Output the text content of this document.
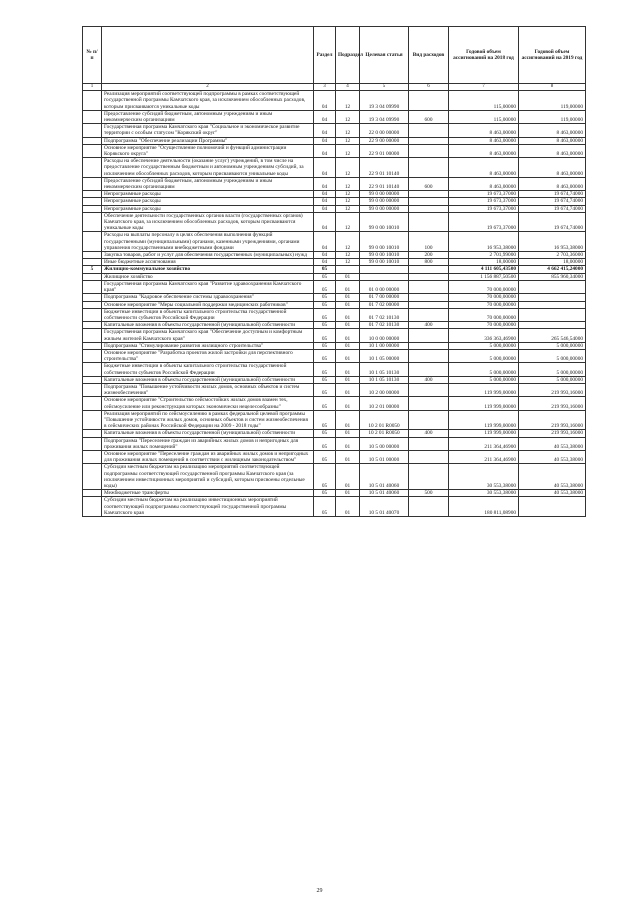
№ п/п		Раздел	Подраздел	Целевая статья	Вид расходов	Годовой объем ассигнований на 2018 год	Годовой объем ассигнований на 2019 год
1	2	3	4	5	6	7	8
	Реализация мероприятий соответствующей подпрограммы в рамках соответствующей государственной программы Камчатского края, за исключением обособленных расходов, которым присваиваются уникальные коды	04	12	19 3 04 09990		115,00000	119,00000
	Предоставление субсидий бюджетным, автономным учреждениям и иным некоммерческим организациям	04	12	19 3 04 09990	600	115,00000	119,00000
	Государственная программа Камчатского края "Социальное и экономическое развитие территории с особым статусом "Корякский округ"	04	12	22 0 00 00000		8 463,00000	8 463,00000
	Подпрограмма "Обеспечение реализации Программы"	04	12	22 9 00 00000		8 463,00000	8 463,00000
	Основное мероприятие "Осуществление полномочий и функций администрации Корякского округа"	04	12	22 9 01 00000		8 463,00000	8 463,00000
	Расходы на обеспечение деятельности (оказание услуг) учреждений, в том числе на предоставление государственным бюджетным и автономным учреждениям субсидий, за исключением обособленных расходов, которым присваиваются уникальные коды	04	12	22 9 01 10140		8 463,00000	8 463,00000
	Предоставление субсидий бюджетным, автономным учреждениям и иным некоммерческим организациям	04	12	22 9 01 10140	600	8 463,00000	8 463,00000
	Непрограммные расходы	04	12	99 0 00 00000		19 673,37000	19 674,74000
	Непрограммные расходы	04	12	99 0 00 00000		19 673,37000	19 674,74000
	Непрограммные расходы	04	12	99 0 00 00000		19 673,37000	19 674,74000
	Обеспечение деятельности государственных органов власти (государственных органов) Камчатского края, за исключением обособленных расходов, которым присваиваются уникальные коды	04	12	99 0 00 10010		19 673,37000	19 674,74000
	Расходы на выплаты персоналу в целях обеспечения выполнения функций государственными (муниципальными) органами, казенными учреждениями, органами управления государственными внебюджетными фондами	04	12	99 0 00 10010	100	16 953,38000	16 953,38000
	Закупка товаров, работ и услуг для обеспечения государственных (муниципальных) нужд	04	12	99 0 00 10010	200	2 701,99000	2 703,36000
	Иные бюджетные ассигнования	04	12	99 0 00 10010	800	18,00000	18,00000
5	Жилищно-коммунальное хозяйство	05				4 111 605,43500	4 662 415,24000
	Жилищное хозяйство	05	01			1 156 887,50500	855 960,34000
	Государственная программа Камчатского края "Развитие здравоохранения Камчатского края"	05	01	01 0 00 00000		70 000,00000	
	Подпрограмма "Кадровое обеспечение системы здравоохранения"	05	01	01 7 00 00000		70 000,00000	
	Основное мероприятие "Меры социальной поддержки медицинских работников"	05	01	01 7 02 00000		70 000,00000	
	Бюджетные инвестиции в объекты капитального строительства государственной собственности субъектов Российской Федерации	05	01	01 7 02 10130		70 000,00000	
	Капитальные вложения в объекты государственной (муниципальной) собственности	05	01	01 7 02 10130	400	70 000,00000	
	Государственная программа Камчатского края "Обеспечение доступным и комфортным жильем жителей Камчатского края"	05	01	10 0 00 00000		336 363,46900	265 546,54000
	Подпрограмма "Стимулирование развития жилищного строительства"	05	01	10 1 00 00000		5 000,00000	5 000,00000
	Основное мероприятие "Разработка проектов жилой застройки для перспективного строительства"	05	01	10 1 05 00000		5 000,00000	5 000,00000
	Бюджетные инвестиции в объекты капитального строительства государственной собственности субъектов Российской Федерации	05	01	10 1 05 10130		5 000,00000	5 000,00000
	Капитальные вложения в объекты государственной (муниципальной) собственности	05	01	10 1 05 10130	400	5 000,00000	5 000,00000
	Подпрограмма "Повышение устойчивости жилых домов, основных объектов и систем жизнеобеспечения"	05	01	10 2 00 00000		119 999,00000	219 993,16000
	Основное мероприятие "Строительство сейсмостойких жилых домов взамен тех, сейсмоусиление или реконструкция которых экономически нецелесообразны"	05	01	10 2 01 00000		119 999,00000	219 993,16000
	Реализация мероприятий по сейсмоусилению в рамках федеральной целевой программы "Повышение устойчивости жилых домов, основных объектов и систем жизнеобеспечения в сейсмических районах Российской Федерации на 2009 - 2018 годы"	05	01	10 2 01 R0050		119 999,00000	219 993,16000
	Капитальные вложения в объекты государственной (муниципальной) собственности	05	01	10 2 01 R0050	400	119 999,00000	219 993,16000
	Подпрограмма "Переселение граждан из аварийных жилых домов и непригодных для проживания жилых помещений"	05	01	10 5 00 00000		211 364,46900	40 553,38000
	Основное мероприятие "Переселение граждан из аварийных жилых домов и непригодных для проживания жилых помещений в соответствии с жилищным законодательством"	05	01	10 5 01 00000		211 364,46900	40 553,38000
	Субсидии местным бюджетам на реализацию мероприятий соответствующей подпрограммы соответствующей государственной программы Камчатского края (за исключением инвестиционных мероприятий и субсидий, которым присвоены отдельные коды)	05	01	10 5 01 40060		30 553,38000	40 553,38000
	Межбюджетные трансферты	05	01	10 5 01 40060	500	30 553,38000	40 553,38000
	Субсидии местным бюджетам на реализацию инвестиционных мероприятий соответствующей подпрограммы соответствующей государственной программы Камчатского края	05	01	10 5 01 40070		180 811,08900	
29
